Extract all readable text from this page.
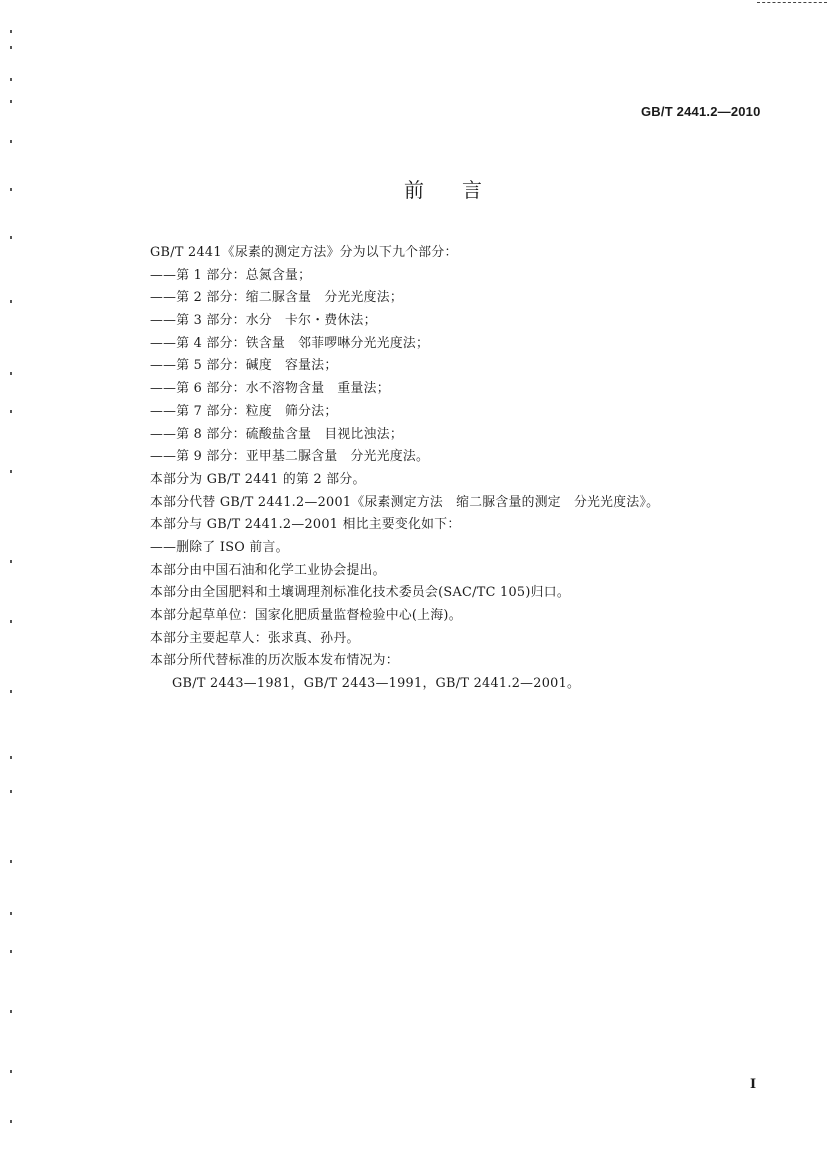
GB/T 2441.2—2010
前言
GB/T 2441《尿素的测定方法》分为以下九个部分：
——第 1 部分：总氮含量；
——第 2 部分：缩二脲含量　分光光度法；
——第 3 部分：水分　卡尔・费休法；
——第 4 部分：铁含量　邻菲啰啉分光光度法；
——第 5 部分：碱度　容量法；
——第 6 部分：水不溶物含量　重量法；
——第 7 部分：粒度　筛分法；
——第 8 部分：硫酸盐含量　目视比浊法；
——第 9 部分：亚甲基二脲含量　分光光度法。
本部分为 GB/T 2441 的第 2 部分。
本部分代替 GB/T 2441.2—2001《尿素测定方法　缩二脲含量的测定　分光光度法》。
本部分与 GB/T 2441.2—2001 相比主要变化如下：
——删除了 ISO 前言。
本部分由中国石油和化学工业协会提出。
本部分由全国肥料和土壤调理剂标准化技术委员会(SAC/TC 105)归口。
本部分起草单位：国家化肥质量监督检验中心(上海)。
本部分主要起草人：张求真、孙丹。
本部分所代替标准的历次版本发布情况为：
GB/T 2443—1981，GB/T 2443—1991，GB/T 2441.2—2001。
I
